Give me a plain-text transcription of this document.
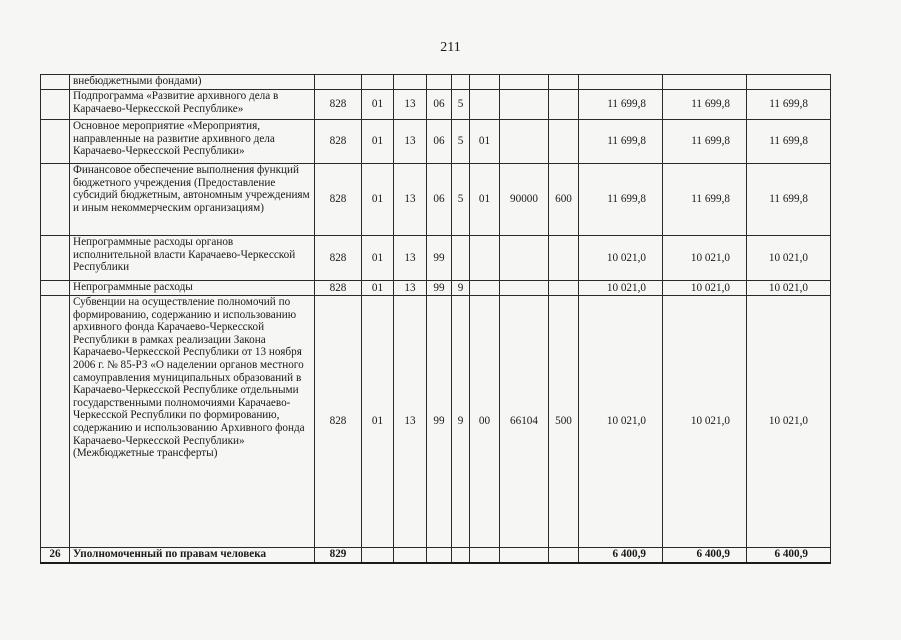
211
	внебюджетными фондами)											
	Подпрограмма «Развитие архивного дела в Карачаево-Черкесской Республике»	828	01	13	06	5				11 699,8	11 699,8	11 699,8
	Основное мероприятие «Мероприятия, направленные на развитие архивного дела Карачаево-Черкесской Республики»	828	01	13	06	5	01			11 699,8	11 699,8	11 699,8
	Финансовое обеспечение выполнения функций бюджетного учреждения (Предоставление субсидий бюджетным, автономным учреждениям и иным некоммерческим организациям)	828	01	13	06	5	01	90000	600	11 699,8	11 699,8	11 699,8
	Непрограммные расходы органов исполнительной власти Карачаево-Черкесской Республики	828	01	13	99					10 021,0	10 021,0	10 021,0
	Непрограммные расходы	828	01	13	99	9				10 021,0	10 021,0	10 021,0
	Субвенции на осуществление полномочий по формированию, содержанию и использованию архивного фонда Карачаево-Черкесской Республики в рамках реализации Закона Карачаево-Черкесской Республики от 13 ноября 2006 г. № 85-РЗ «О наделении органов местного самоуправления муниципальных образований в Карачаево-Черкесской Республике отдельными государственными полномочиями Карачаево-Черкесской Республики по формированию, содержанию и использованию Архивного фонда Карачаево-Черкесской Республики» (Межбюджетные трансферты)	828	01	13	99	9	00	66104	500	10 021,0	10 021,0	10 021,0
26	Уполномоченный по правам человека	829								6 400,9	6 400,9	6 400,9
